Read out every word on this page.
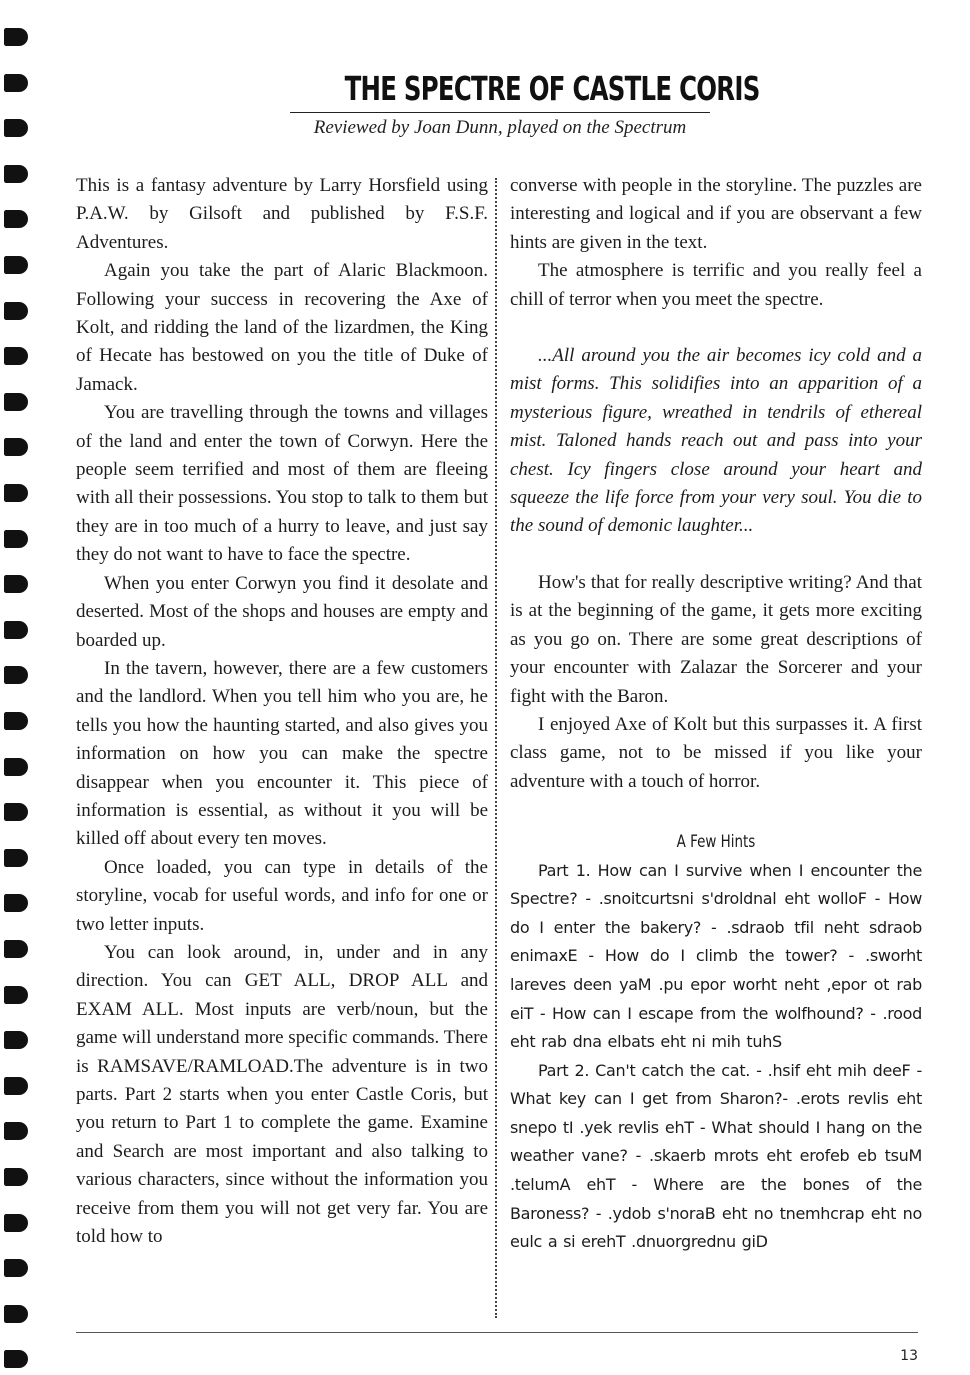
THE SPECTRE OF CASTLE CORIS
Reviewed by Joan Dunn, played on the Spectrum

This is a fantasy adventure by Larry Horsfield using P.A.W. by Gilsoft and published by F.S.F. Adventures.

Again you take the part of Alaric Blackmoon. Following your success in recovering the Axe of Kolt, and ridding the land of the lizardmen, the King of Hecate has bestowed on you the title of Duke of Jamack.

You are travelling through the towns and villages of the land and enter the town of Corwyn. Here the people seem terrified and most of them are fleeing with all their possessions. You stop to talk to them but they are in too much of a hurry to leave, and just say they do not want to have to face the spectre.

When you enter Corwyn you find it desolate and deserted. Most of the shops and houses are empty and boarded up.

In the tavern, however, there are a few customers and the landlord. When you tell him who you are, he tells you how the haunting started, and also gives you information on how you can make the spectre disappear when you encounter it. This piece of information is essential, as without it you will be killed off about every ten moves.

Once loaded, you can type in details of the storyline, vocab for useful words, and info for one or two letter inputs.

You can look around, in, under and in any direction. You can GET ALL, DROP ALL and EXAM ALL. Most inputs are verb/noun, but the game will understand more specific commands. There is RAMSAVE/RAMLOAD.The adventure is in two parts. Part 2 starts when you enter Castle Coris, but you return to Part 1 to complete the game. Examine and Search are most important and also talking to various characters, since without the information you receive from them you will not get very far. You are told how to

converse with people in the storyline. The puzzles are interesting and logical and if you are observant a few hints are given in the text.

The atmosphere is terrific and you really feel a chill of terror when you meet the spectre.

...All around you the air becomes icy cold and a mist forms. This solidifies into an apparition of a mysterious figure, wreathed in tendrils of ethereal mist. Taloned hands reach out and pass into your chest. Icy fingers close around your heart and squeeze the life force from your very soul. You die to the sound of demonic laughter...

How's that for really descriptive writing? And that is at the beginning of the game, it gets more exciting as you go on. There are some great descriptions of your encounter with Zalazar the Sorcerer and your fight with the Baron.

I enjoyed Axe of Kolt but this surpasses it. A first class game, not to be missed if you like your adventure with a touch of horror.

A Few Hints

Part 1. How can I survive when I encounter the Spectre? - .snoitcurtsni s'droldnal eht wolloF - How do I enter the bakery? - .sdraob tfil neht sdraob enimaxE - How do I climb the tower? - .sworht lareves deen yaM .pu epor worht neht ,epor ot rab eiT - How can I escape from the wolfhound? - .rood eht rab dna elbats eht ni mih tuhS

Part 2. Can't catch the cat. - .hsif eht mih deeF - What key can I get from Sharon?- .erots revlis eht snepo tI .yek revlis ehT - What should I hang on the weather vane? - .skaerb mrots eht erofeb eb tsuM .telumA ehT - Where are the bones of the Baroness? - .ydob s'noraB eht no tnemhcrap eht no eulc a si erehT .dnuorgrednu giD

13
